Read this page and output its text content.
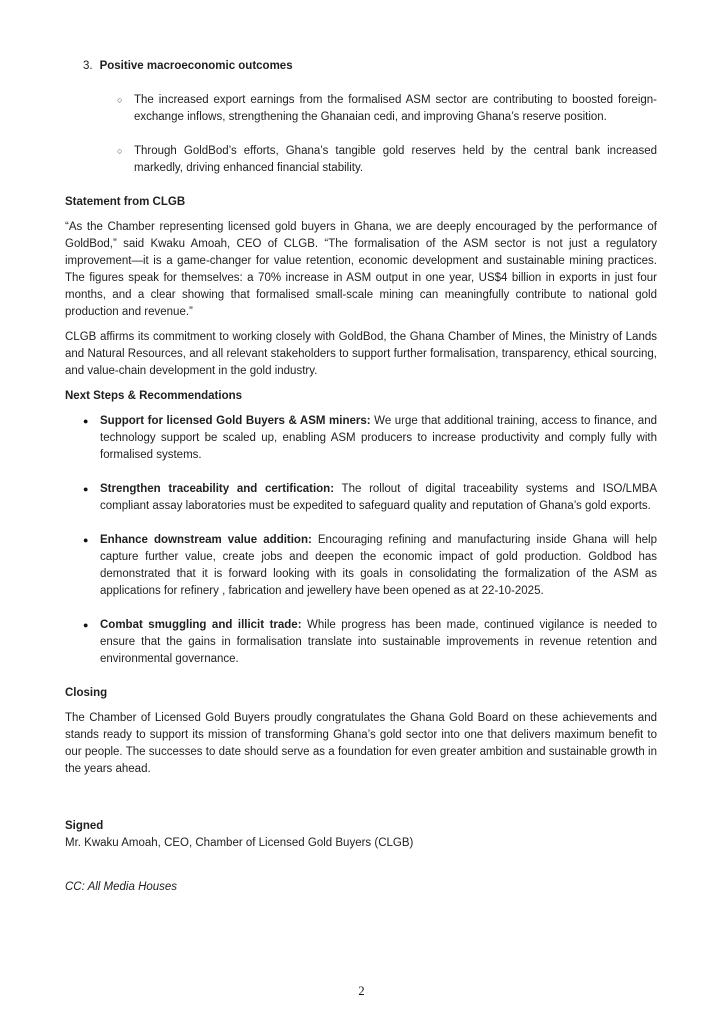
3. Positive macroeconomic outcomes
○	The increased export earnings from the formalised ASM sector are contributing to boosted foreign-exchange inflows, strengthening the Ghanaian cedi, and improving Ghana’s reserve position.
○	Through GoldBod’s efforts, Ghana’s tangible gold reserves held by the central bank increased markedly, driving enhanced financial stability.
Statement from CLGB

“As the Chamber representing licensed gold buyers in Ghana, we are deeply encouraged by the performance of GoldBod,” said Kwaku Amoah, CEO of CLGB. “The formalisation of the ASM sector is not just a regulatory improvement—it is a game-changer for value retention, economic development and sustainable mining practices. The figures speak for themselves: a 70% increase in ASM output in one year, US$4 billion in exports in just four months, and a clear showing that formalised small-scale mining can meaningfully contribute to national gold production and revenue.”

CLGB affirms its commitment to working closely with GoldBod, the Ghana Chamber of Mines, the Ministry of Lands and Natural Resources, and all relevant stakeholders to support further formalisation, transparency, ethical sourcing, and value-chain development in the gold industry.

Next Steps & Recommendations
●	Support for licensed Gold Buyers & ASM miners: We urge that additional training, access to finance, and technology support be scaled up, enabling ASM producers to increase productivity and comply fully with formalised systems.
●	Strengthen traceability and certification: The rollout of digital traceability systems and ISO/LMBA compliant assay laboratories must be expedited to safeguard quality and reputation of Ghana’s gold exports.
●	Enhance downstream value addition: Encouraging refining and manufacturing inside Ghana will help capture further value, create jobs and deepen the economic impact of gold production. Goldbod has demonstrated that it is forward looking with its goals in consolidating the formalization of the ASM as applications for refinery , fabrication and jewellery have been opened as at 22-10-2025.
●	Combat smuggling and illicit trade: While progress has been made, continued vigilance is needed to ensure that the gains in formalisation translate into sustainable improvements in revenue retention and environmental governance.
Closing

The Chamber of Licensed Gold Buyers proudly congratulates the Ghana Gold Board on these achievements and stands ready to support its mission of transforming Ghana’s gold sector into one that delivers maximum benefit to our people. The successes to date should serve as a foundation for even greater ambition and sustainable growth in the years ahead.

Signed

Mr. Kwaku Amoah, CEO, Chamber of Licensed Gold Buyers (CLGB)

CC: All Media Houses
2
